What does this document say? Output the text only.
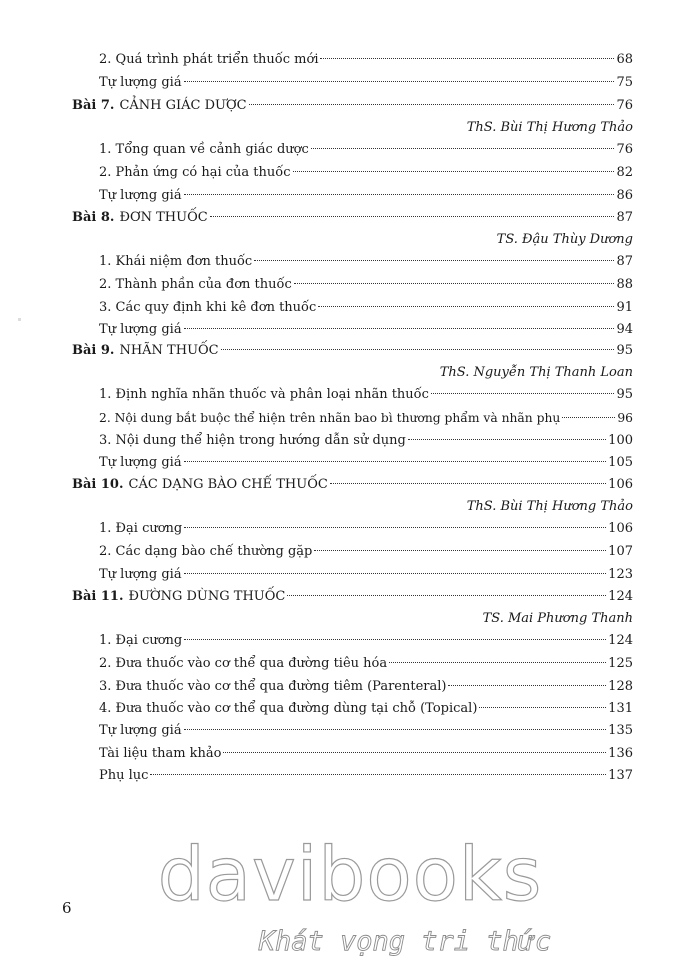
2. Quá trình phát triển thuốc mới	68
Tự lượng giá	75
Bài 7. CẢNH GIÁC DƯỢC	76
ThS. Bùi Thị Hương Thảo
1. Tổng quan về cảnh giác dược	76
2. Phản ứng có hại của thuốc	82
Tự lượng giá	86
Bài 8. ĐƠN THUỐC	87
TS. Đậu Thùy Dương
1. Khái niệm đơn thuốc	87
2. Thành phần của đơn thuốc	88
3. Các quy định khi kê đơn thuốc	91
Tự lượng giá	94
Bài 9. NHÃN THUỐC	95
ThS. Nguyễn Thị Thanh Loan
1. Định nghĩa nhãn thuốc và phân loại nhãn thuốc	95
2. Nội dung bắt buộc thể hiện trên nhãn bao bì thương phẩm và nhãn phụ	96
3. Nội dung thể hiện trong hướng dẫn sử dụng	100
Tự lượng giá	105
Bài 10. CÁC DẠNG BÀO CHẾ THUỐC	106
ThS. Bùi Thị Hương Thảo
1. Đại cương	106
2. Các dạng bào chế thường gặp	107
Tự lượng giá	123
Bài 11. ĐƯỜNG DÙNG THUỐC	124
TS. Mai Phương Thanh
1. Đại cương	124
2. Đưa thuốc vào cơ thể qua đường tiêu hóa	125
3. Đưa thuốc vào cơ thể qua đường tiêm (Parenteral)	128
4. Đưa thuốc vào cơ thể qua đường dùng tại chỗ (Topical)	131
Tự lượng giá	135
Tài liệu tham khảo	136
Phụ lục	137
davibooks
Khát vọng tri thức
6
